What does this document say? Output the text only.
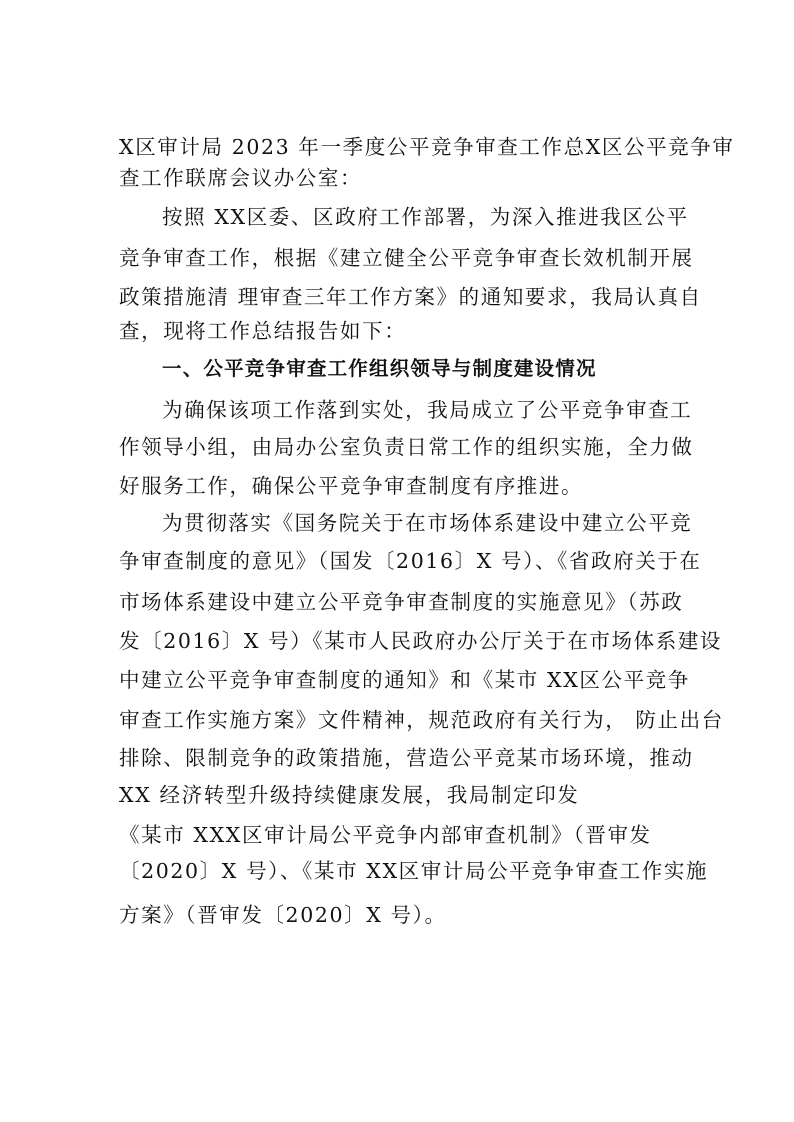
X区审计局 2023 年一季度公平竞争审查工作总X区公平竞争审
查工作联席会议办公室：
按照 XX区委、区政府工作部署，为深入推进我区公平
竞争审查工作，根据《建立健全公平竞争审查长效机制开展
政策措施清 理审查三年工作方案》的通知要求，我局认真自
查，现将工作总结报告如下：
一、公平竞争审查工作组织领导与制度建设情况
为确保该项工作落到实处，我局成立了公平竞争审查工
作领导小组，由局办公室负责日常工作的组织实施，全力做
好服务工作，确保公平竞争审查制度有序推进。
为贯彻落实《国务院关于在市场体系建设中建立公平竞
争审查制度的意见》（国发〔2016〕X 号）、《省政府关于在
市场体系建设中建立公平竞争审查制度的实施意见》（苏政
发〔2016〕X 号）《某市人民政府办公厅关于在市场体系建设
中建立公平竞争审查制度的通知》和《某市 XX区公平竞争
审查工作实施方案》文件精神，规范政府有关行为， 防止出台
排除、限制竞争的政策措施，营造公平竞某市场环境，推动
XX 经济转型升级持续健康发展，我局制定印发
《某市 XXX区审计局公平竞争内部审查机制》（晋审发
〔2020〕X 号）、《某市 XX区审计局公平竞争审查工作实施
方案》（晋审发〔2020〕X 号）。
